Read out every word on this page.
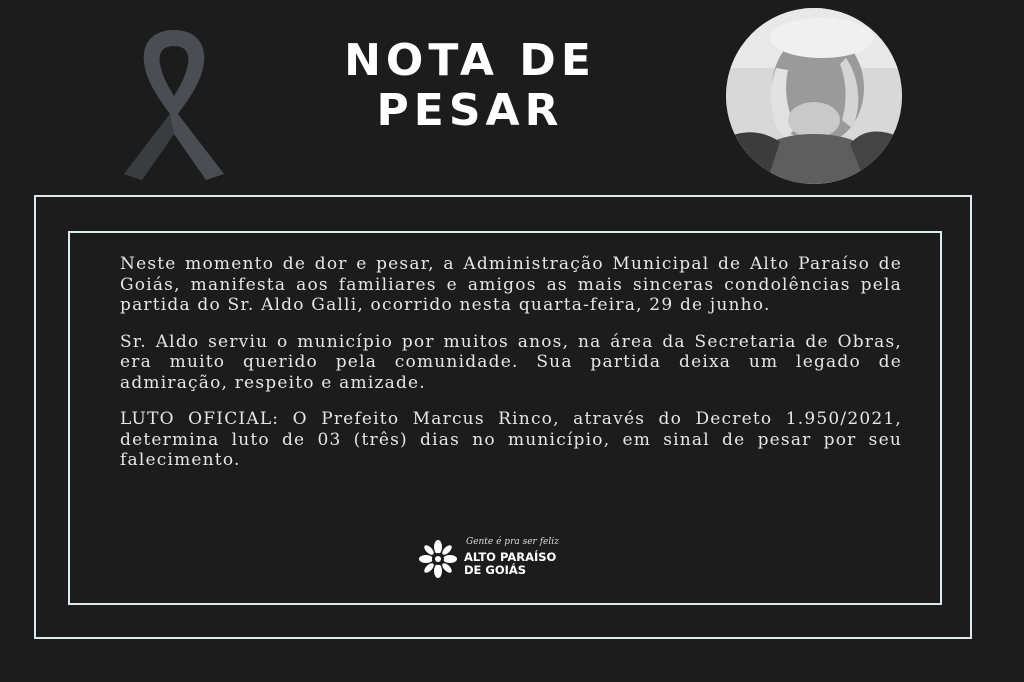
NOTA DE
PESAR

Neste momento de dor e pesar, a Administração Municipal de Alto Paraíso de Goiás, manifesta aos familiares e amigos as mais sinceras condolências pela partida do Sr. Aldo Galli, ocorrido nesta quarta-feira, 29 de junho.

Sr. Aldo serviu o município por muitos anos, na área da Secretaria de Obras, era muito querido pela comunidade. Sua partida deixa um legado de admiração, respeito e amizade.

LUTO OFICIAL: O Prefeito Marcus Rinco, através do Decreto 1.950/2021, determina luto de 03 (três) dias no município, em sinal de pesar por seu falecimento.

Gente é pra ser feliz
ALTO PARAÍSO
DE GOIÁS
